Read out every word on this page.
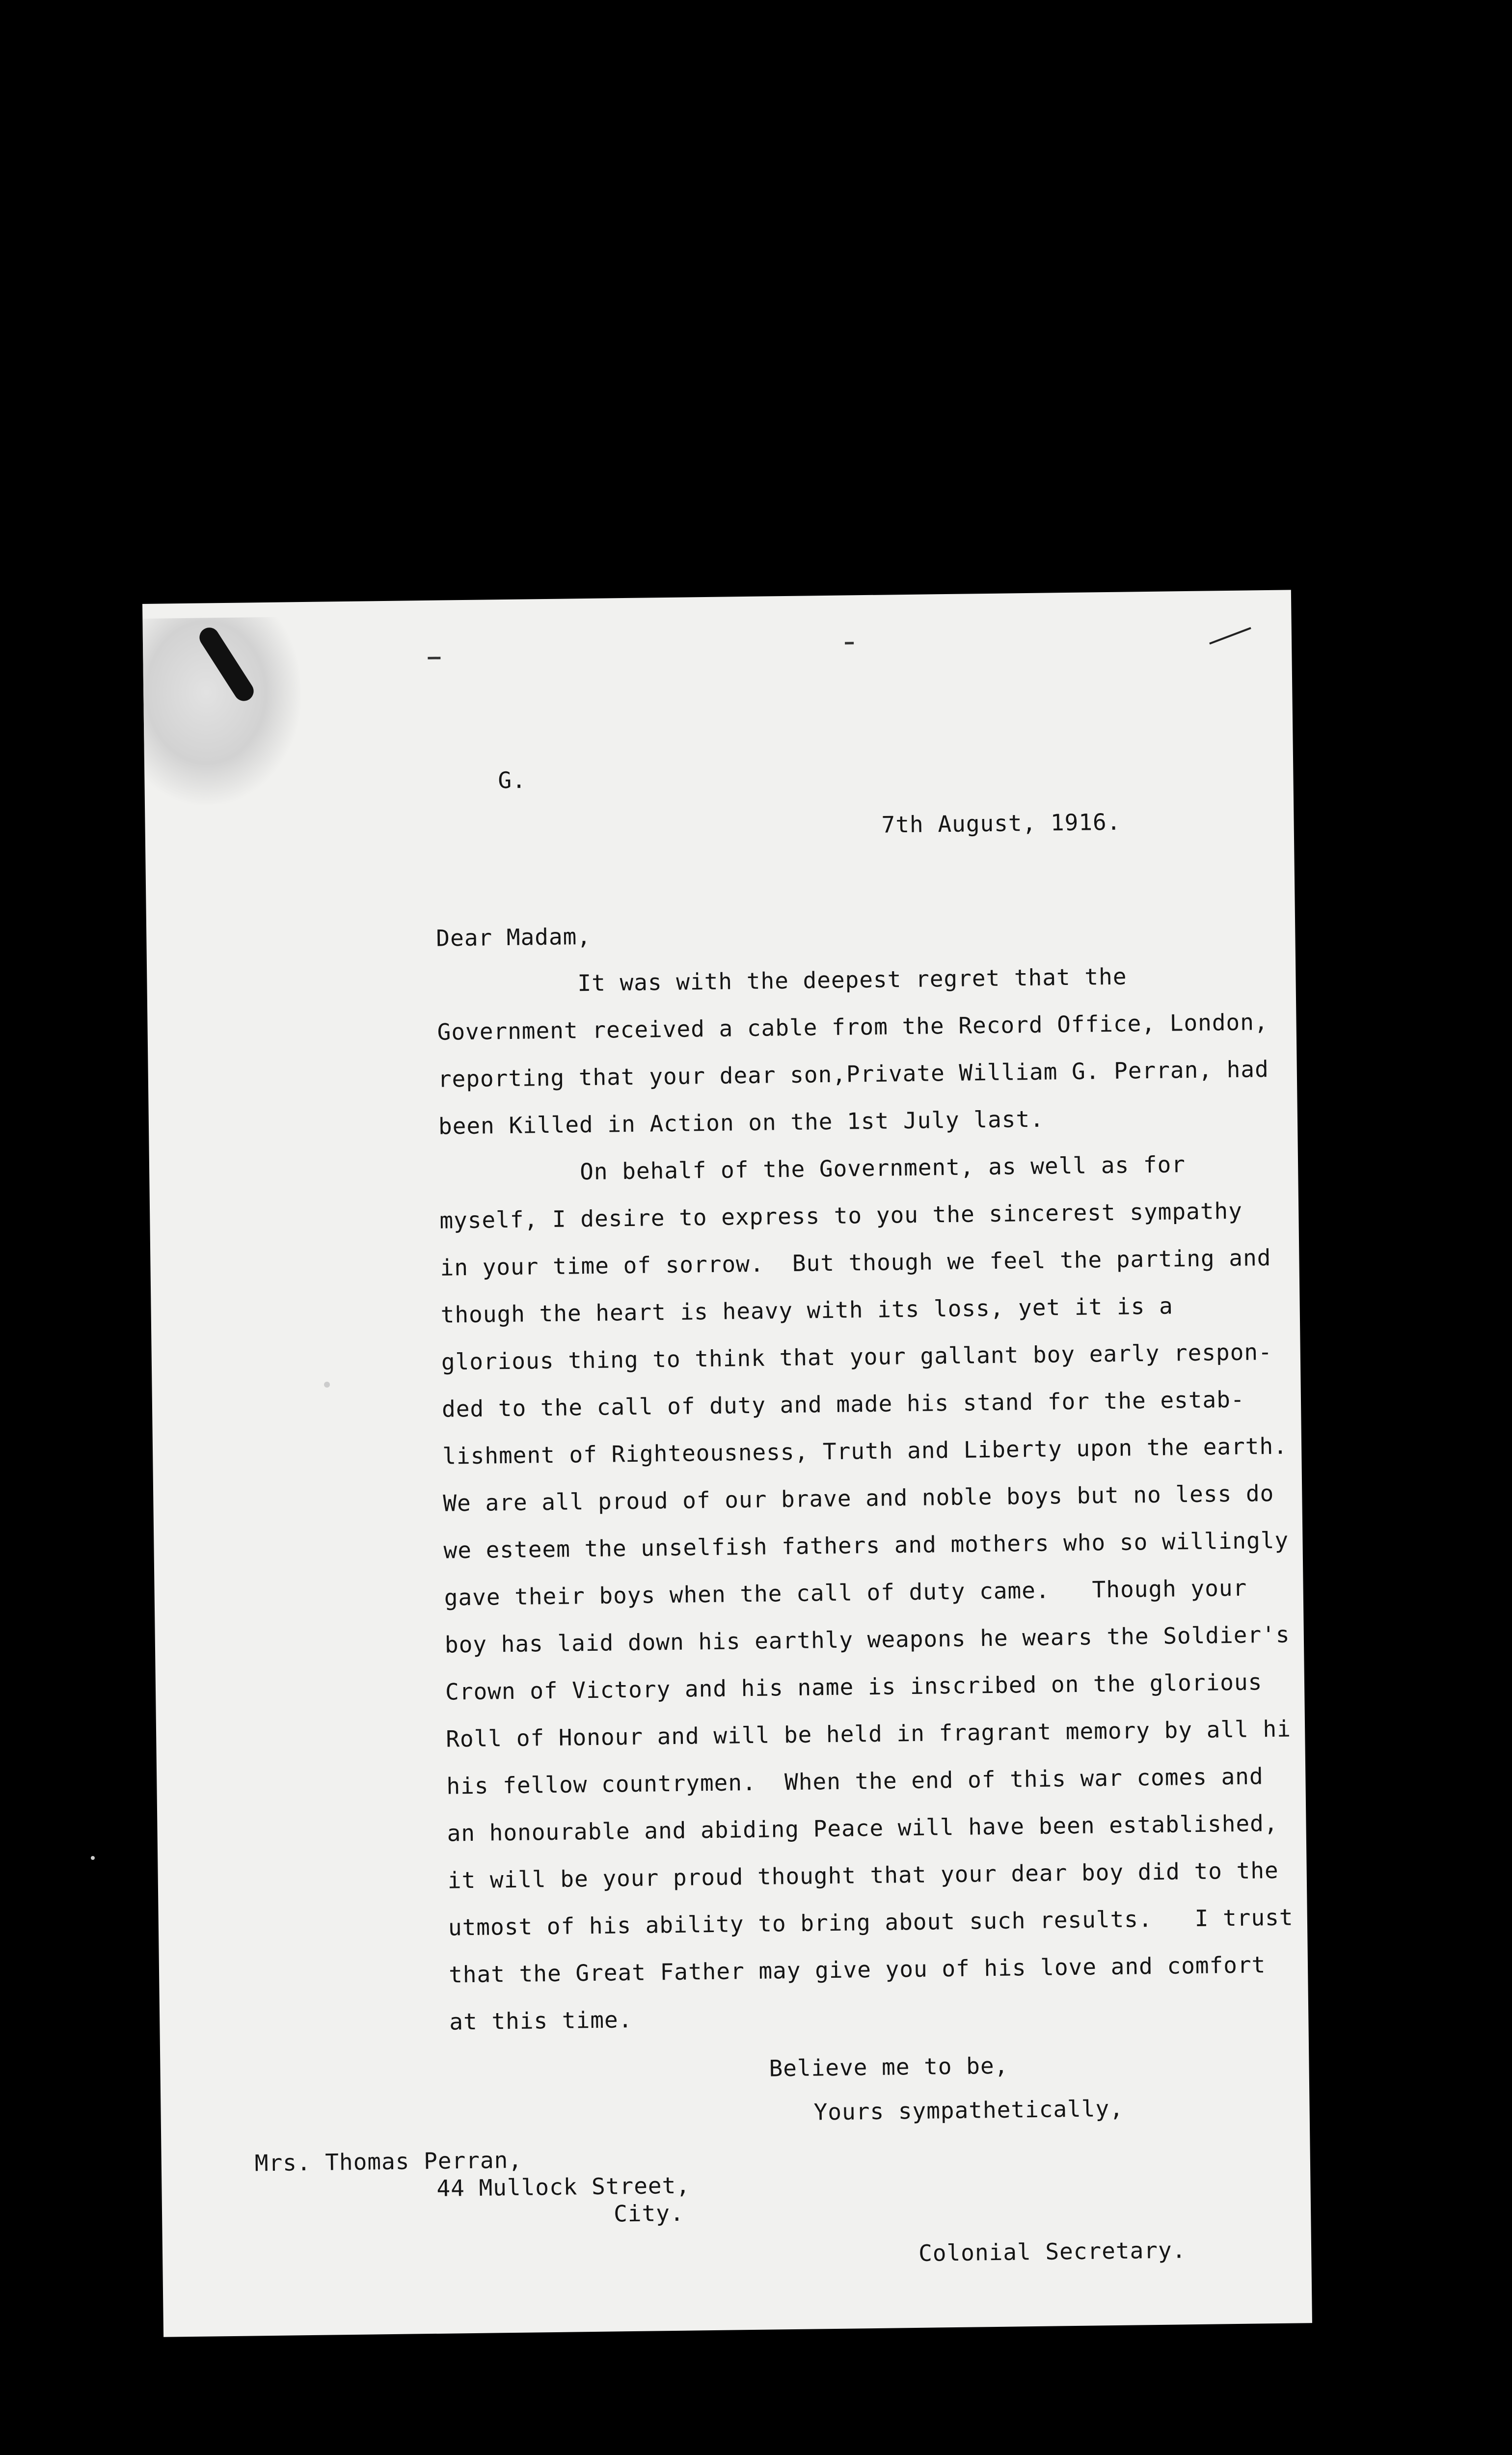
G.
7th August, 1916.
Dear Madam,
It was with the deepest regret that the
Government received a cable from the Record Office, London,
reporting that your dear son,Private William G. Perran, had
been Killed in Action on the 1st July last.
On behalf of the Government, as well as for
myself, I desire to express to you the sincerest sympathy
in your time of sorrow.  But though we feel the parting and
though the heart is heavy with its loss, yet it is a
glorious thing to think that your gallant boy early respon-
ded to the call of duty and made his stand for the estab-
lishment of Righteousness, Truth and Liberty upon the earth.
We are all proud of our brave and noble boys but no less do
we esteem the unselfish fathers and mothers who so willingly
gave their boys when the call of duty came.   Though your
boy has laid down his earthly weapons he wears the Soldier's
Crown of Victory and his name is inscribed on the glorious
Roll of Honour and will be held in fragrant memory by all hi
his fellow countrymen.  When the end of this war comes and
an honourable and abiding Peace will have been established,
it will be your proud thought that your dear boy did to the
utmost of his ability to bring about such results.   I trust
that the Great Father may give you of his love and comfort
at this time.
Believe me to be,
Yours sympathetically,
Mrs. Thomas Perran,
44 Mullock Street,
City.
Colonial Secretary.
